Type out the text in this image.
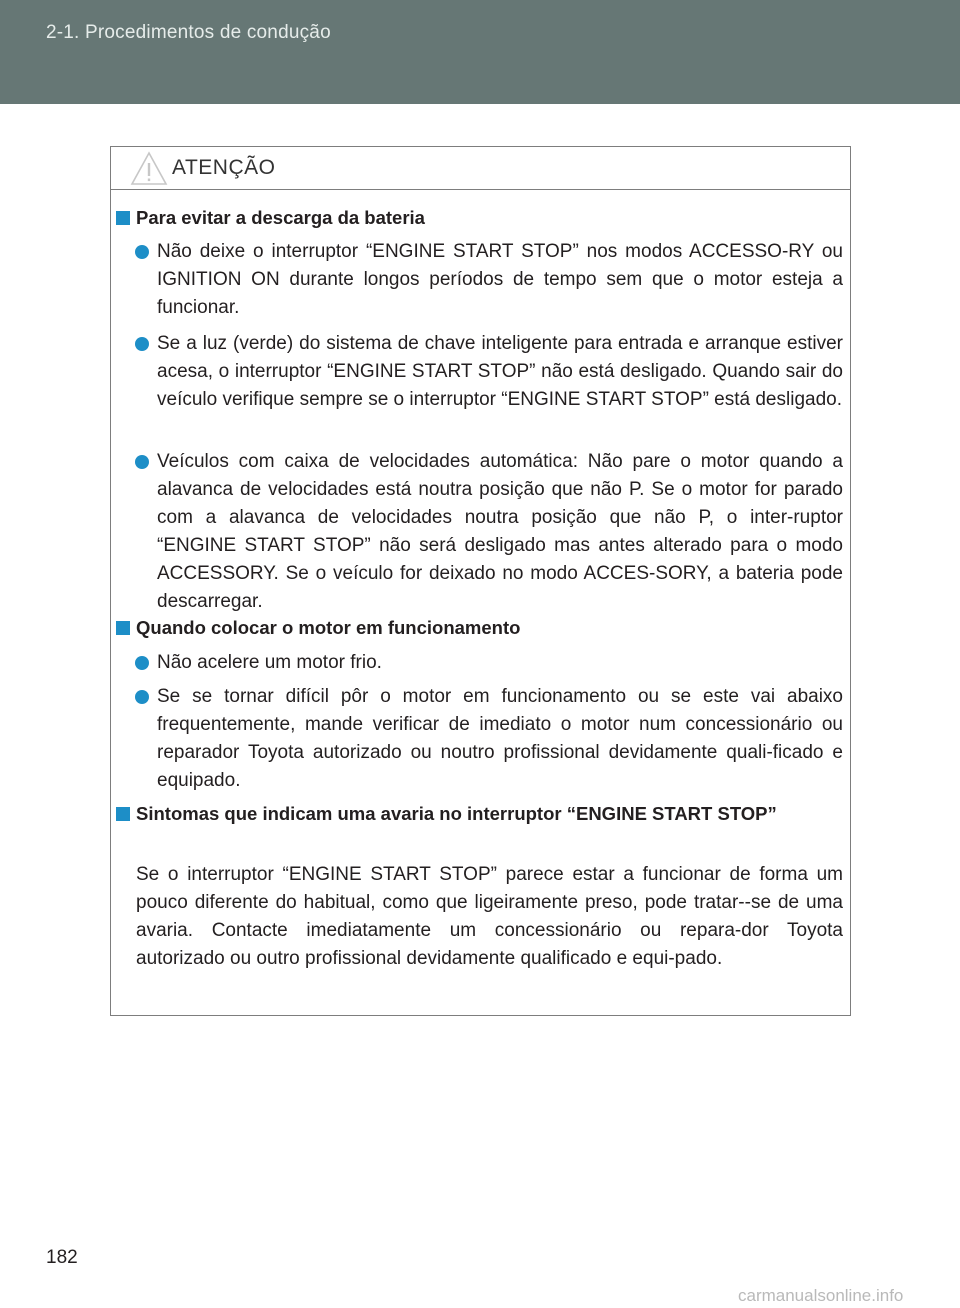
2-1. Procedimentos de condução
ATENÇÃO
Para evitar a descarga da bateria
Não deixe o interruptor “ENGINE START STOP” nos modos ACCESSO-RY ou IGNITION ON durante longos períodos de tempo sem que o motor esteja a funcionar.
Se a luz (verde) do sistema de chave inteligente para entrada e arranque estiver acesa, o interruptor “ENGINE START STOP” não está desligado. Quando sair do veículo verifique sempre se o interruptor “ENGINE START STOP” está desligado.
Veículos com caixa de velocidades automática: Não pare o motor quando a alavanca de velocidades está noutra posição que não P. Se o motor for parado com a alavanca de velocidades noutra posição que não P, o inter-ruptor “ENGINE START STOP” não será desligado mas antes alterado para o modo ACCESSORY. Se o veículo for deixado no modo ACCES-SORY, a bateria pode descarregar.
Quando colocar o motor em funcionamento
Não acelere um motor frio.
Se se tornar difícil pôr o motor em funcionamento ou se este vai abaixo frequentemente, mande verificar de imediato o motor num concessionário ou reparador Toyota autorizado ou noutro profissional devidamente quali-ficado e equipado.
Sintomas que indicam uma avaria no interruptor “ENGINE START STOP”
Se o interruptor “ENGINE START STOP” parece estar a funcionar de forma um pouco diferente do habitual, como que ligeiramente preso, pode tratar--se de uma avaria. Contacte imediatamente um concessionário ou repara-dor Toyota autorizado ou outro profissional devidamente qualificado e equi-pado.
182
carmanualsonline.info
